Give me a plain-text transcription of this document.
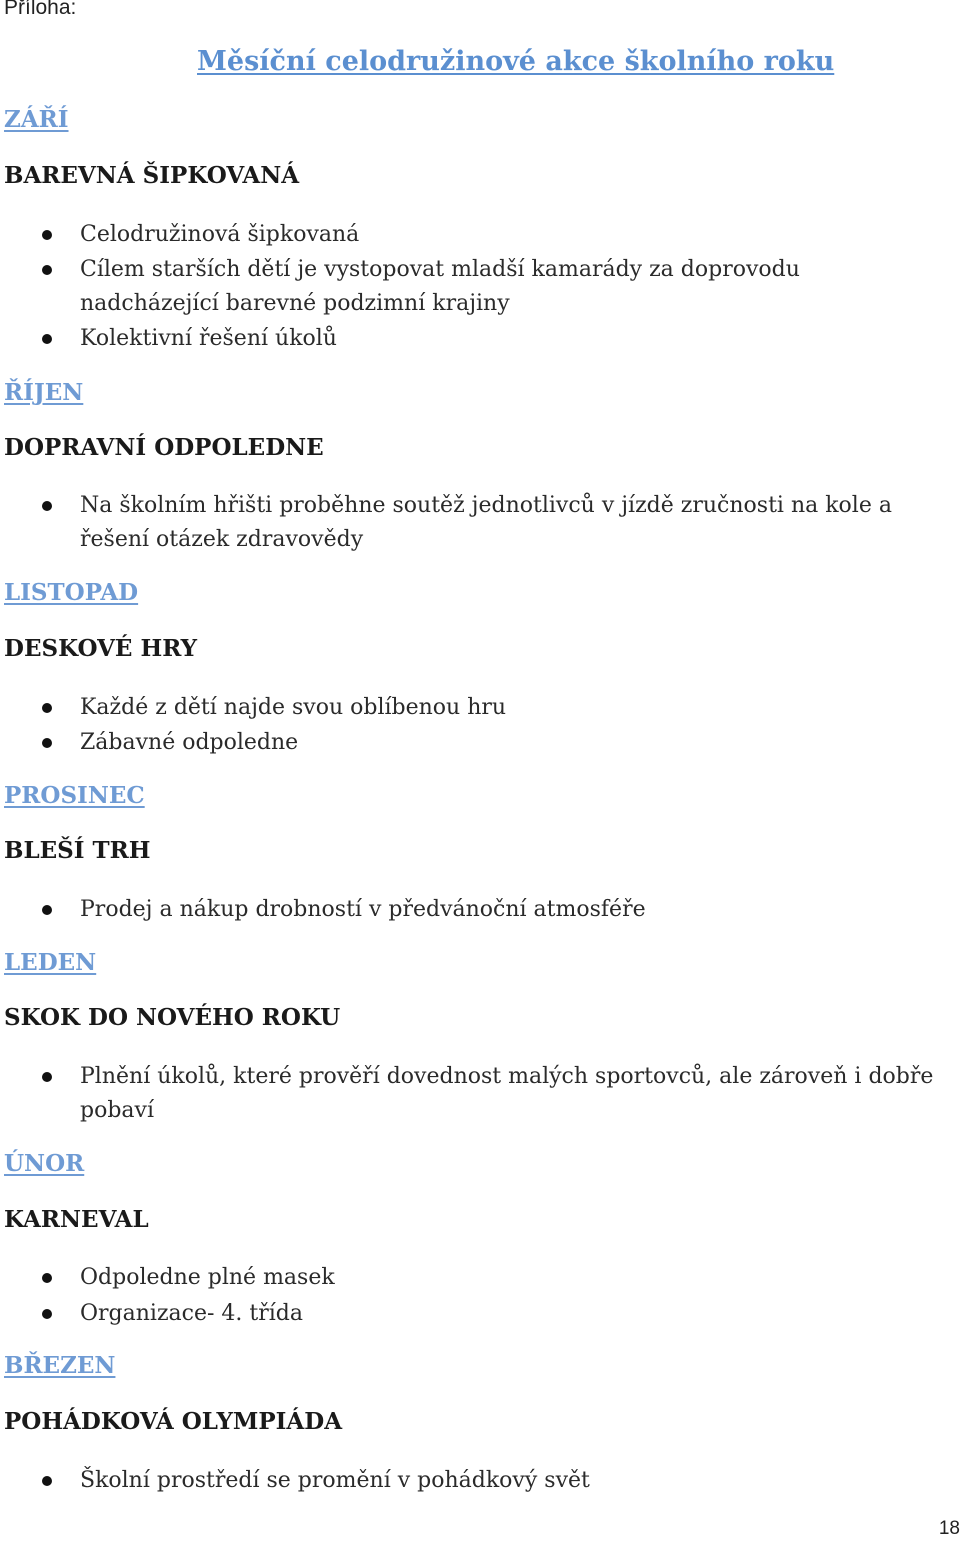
Příloha:
Měsíční celodružinové akce školního roku
ZÁŘÍ
BAREVNÁ ŠIPKOVANÁ
Celodružinová šipkovaná
Cílem starších dětí je vystopovat mladší kamarády za doprovodu nadcházející barevné podzimní krajiny
Kolektivní řešení úkolů
ŘÍJEN
DOPRAVNÍ ODPOLEDNE
Na školním hřišti proběhne soutěž jednotlivců v jízdě zručnosti na kole a řešení otázek zdravovědy
LISTOPAD
DESKOVÉ HRY
Každé z dětí najde svou oblíbenou hru
Zábavné odpoledne
PROSINEC
BLEŠÍ TRH
Prodej a nákup drobností v předvánoční atmosféře
LEDEN
SKOK DO NOVÉHO ROKU
Plnění úkolů, které prověří dovednost malých sportovců, ale zároveň i dobře pobaví
ÚNOR
KARNEVAL
Odpoledne plné masek
Organizace- 4. třída
BŘEZEN
POHÁDKOVÁ OLYMPIÁDA
Školní prostředí se promění v pohádkový svět
18
